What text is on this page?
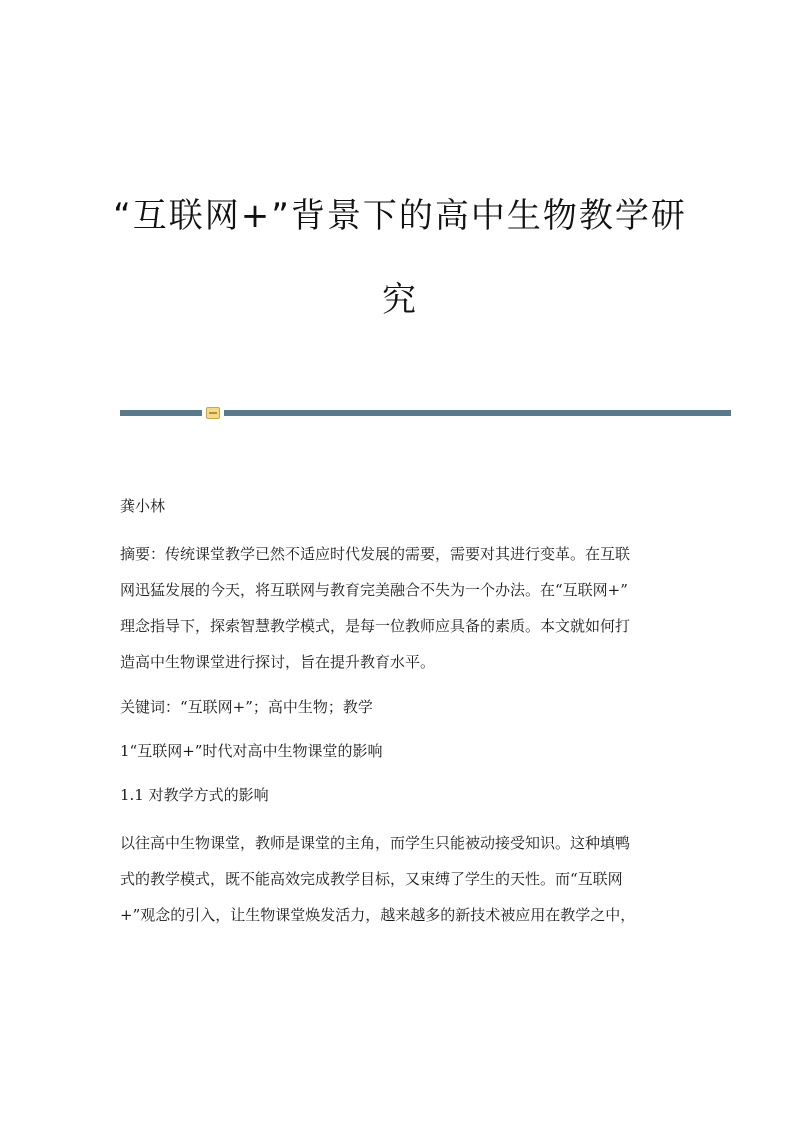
“互联网+”背景下的高中生物教学研
究

龚小林

摘要：传统课堂教学已然不适应时代发展的需要，需要对其进行变革。在互联
网迅猛发展的今天，将互联网与教育完美融合不失为一个办法。在“互联网+”
理念指导下，探索智慧教学模式，是每一位教师应具备的素质。本文就如何打
造高中生物课堂进行探讨，旨在提升教育水平。

关键词：“互联网+”；高中生物；教学

1“互联网+”时代对高中生物课堂的影响

1.1 对教学方式的影响

以往高中生物课堂，教师是课堂的主角，而学生只能被动接受知识。这种填鸭
式的教学模式，既不能高效完成教学目标，又束缚了学生的天性。而“互联网
+”观念的引入，让生物课堂焕发活力，越来越多的新技术被应用在教学之中，
